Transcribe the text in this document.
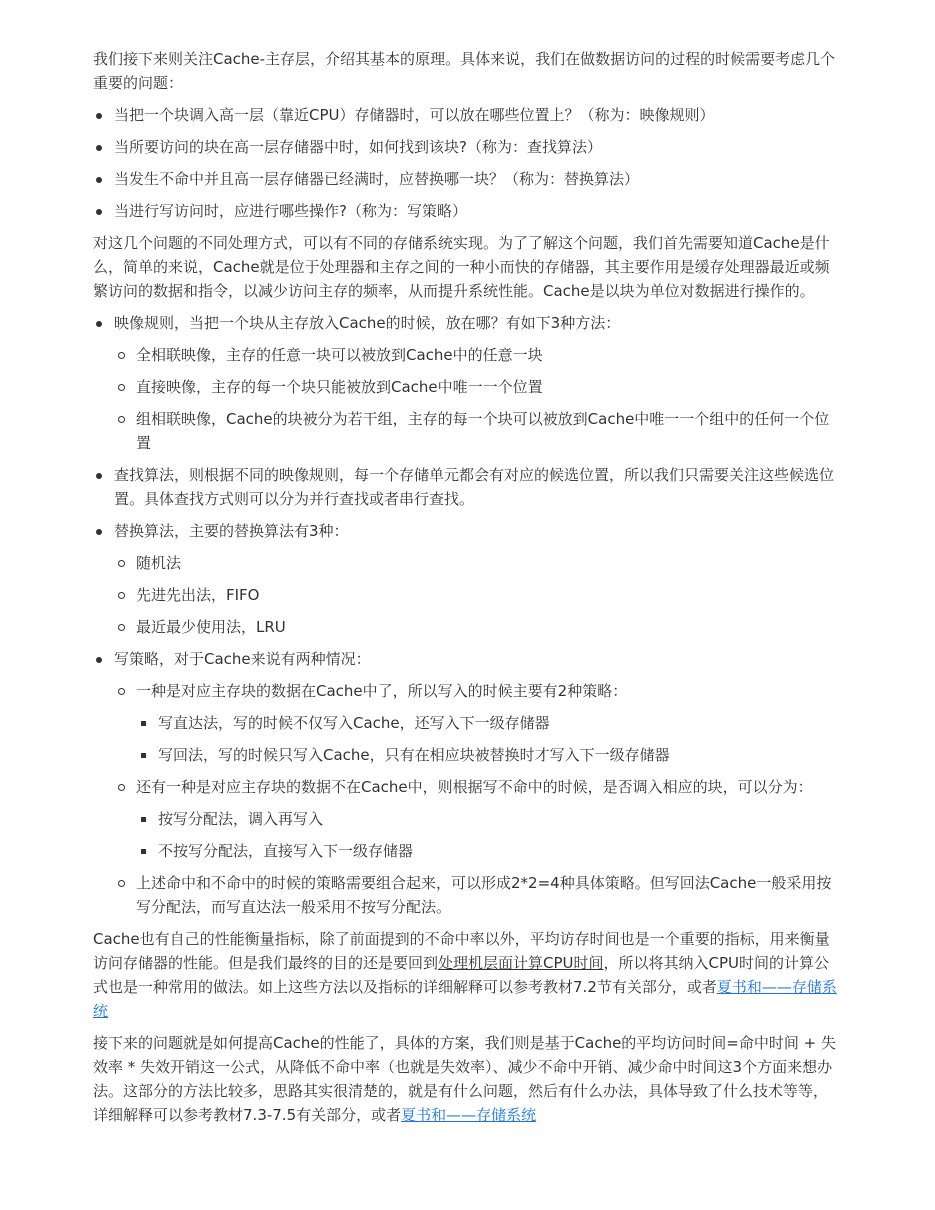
我们接下来则关注Cache-主存层，介绍其基本的原理。具体来说，我们在做数据访问的过程的时候需要考虑几个重要的问题：

当把一个块调入高一层（靠近CPU）存储器时，可以放在哪些位置上？（称为：映像规则）
当所要访问的块在高一层存储器中时，如何找到该块?（称为：查找算法）
当发生不命中并且高一层存储器已经满时，应替换哪一块？（称为：替换算法）
当进行写访问时，应进行哪些操作?（称为：写策略）

对这几个问题的不同处理方式，可以有不同的存储系统实现。为了了解这个问题，我们首先需要知道Cache是什么，简单的来说，Cache就是位于处理器和主存之间的一种小而快的存储器，其主要作用是缓存处理器最近或频繁访问的数据和指令，以减少访问主存的频率，从而提升系统性能。Cache是以块为单位对数据进行操作的。

映像规则，当把一个块从主存放入Cache的时候，放在哪？有如下3种方法：
全相联映像，主存的任意一块可以被放到Cache中的任意一块
直接映像，主存的每一个块只能被放到Cache中唯一一个位置
组相联映像，Cache的块被分为若干组，主存的每一个块可以被放到Cache中唯一一个组中的任何一个位置
查找算法，则根据不同的映像规则，每一个存储单元都会有对应的候选位置，所以我们只需要关注这些候选位置。具体查找方式则可以分为并行查找或者串行查找。
替换算法，主要的替换算法有3种：
随机法
先进先出法，FIFO
最近最少使用法，LRU
写策略，对于Cache来说有两种情况：
一种是对应主存块的数据在Cache中了，所以写入的时候主要有2种策略：
写直达法，写的时候不仅写入Cache，还写入下一级存储器
写回法，写的时候只写入Cache，只有在相应块被替换时才写入下一级存储器
还有一种是对应主存块的数据不在Cache中，则根据写不命中的时候，是否调入相应的块，可以分为：
按写分配法，调入再写入
不按写分配法，直接写入下一级存储器
上述命中和不命中的时候的策略需要组合起来，可以形成2*2=4种具体策略。但写回法Cache一般采用按写分配法，而写直达法一般采用不按写分配法。

Cache也有自己的性能衡量指标，除了前面提到的不命中率以外，平均访存时间也是一个重要的指标，用来衡量访问存储器的性能。但是我们最终的目的还是要回到处理机层面计算CPU时间，所以将其纳入CPU时间的计算公式也是一种常用的做法。如上这些方法以及指标的详细解释可以参考教材7.2节有关部分，或者夏书和——存储系统

接下来的问题就是如何提高Cache的性能了，具体的方案，我们则是基于Cache的平均访问时间=命中时间 + 失效率 * 失效开销这一公式，从降低不命中率（也就是失效率）、减少不命中开销、减少命中时间这3个方面来想办法。这部分的方法比较多，思路其实很清楚的，就是有什么问题，然后有什么办法，具体导致了什么技术等等，详细解释可以参考教材7.3-7.5有关部分，或者夏书和——存储系统
